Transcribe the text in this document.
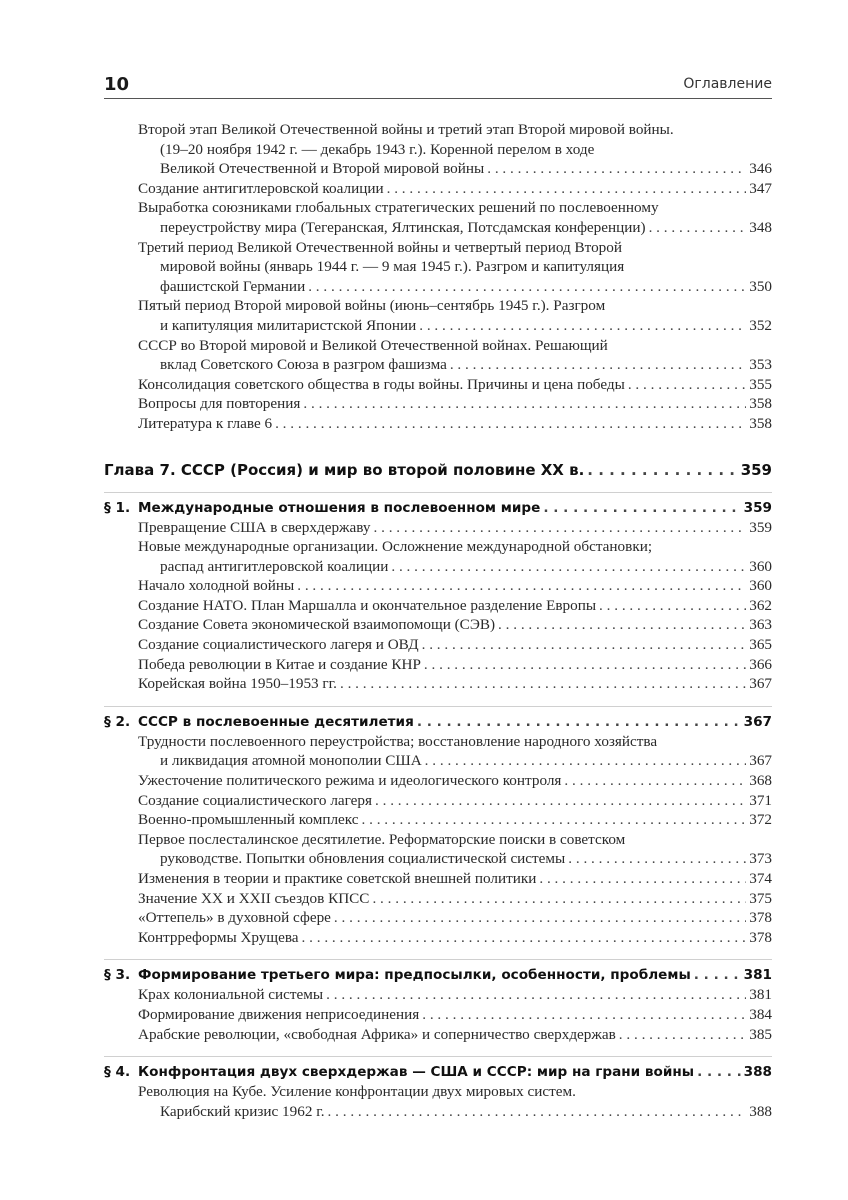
10	Оглавление
Второй этап Великой Отечественной войны и третий этап Второй мировой войны.
(19–20 ноября 1942 г. — декабрь 1943 г.). Коренной перелом в ходе
Великой Отечественной и Второй мировой войны . . .	346
Создание антигитлеровской коалиции . . .	347
Выработка союзниками глобальных стратегических решений по послевоенному
переустройству мира (Тегеранская, Ялтинская, Потсдамская конференции) . . .	348
Третий период Великой Отечественной войны и четвертый период Второй
мировой войны (январь 1944 г. — 9 мая 1945 г.). Разгром и капитуляция
фашистской Германии . . .	350
Пятый период Второй мировой войны (июнь–сентябрь 1945 г.). Разгром
и капитуляция милитаристской Японии . . .	352
СССР во Второй мировой и Великой Отечественной войнах. Решающий
вклад Советского Союза в разгром фашизма . . .	353
Консолидация советского общества в годы войны. Причины и цена победы . . .	355
Вопросы для повторения . . .	358
Литература к главе 6 . . .	358
Глава 7. СССР (Россия) и мир во второй половине XX в. . . .	359
§ 1. Международные отношения в послевоенном мире . . .	359
Превращение США в сверхдержаву . . .	359
Новые международные организации. Осложнение международной обстановки;
распад антигитлеровской коалиции . . .	360
Начало холодной войны . . .	360
Создание НАТО. План Маршалла и окончательное разделение Европы . . .	362
Создание Совета экономической взаимопомощи (СЭВ) . . .	363
Создание социалистического лагеря и ОВД . . .	365
Победа революции в Китае и создание КНР . . .	366
Корейская война 1950–1953 гг. . . .	367
§ 2. СССР в послевоенные десятилетия . . .	367
Трудности послевоенного переустройства; восстановление народного хозяйства
и ликвидация атомной монополии США . . .	367
Ужесточение политического режима и идеологического контроля . . .	368
Создание социалистического лагеря . . .	371
Военно-промышленный комплекс . . .	372
Первое послесталинское десятилетие. Реформаторские поиски в советском
руководстве. Попытки обновления социалистической системы . . .	373
Изменения в теории и практике советской внешней политики . . .	374
Значение XX и XXII съездов КПСС . . .	375
«Оттепель» в духовной сфере . . .	378
Контрреформы Хрущева . . .	378
§ 3. Формирование третьего мира: предпосылки, особенности, проблемы . . .	381
Крах колониальной системы . . .	381
Формирование движения неприсоединения . . .	384
Арабские революции, «свободная Африка» и соперничество сверхдержав . . .	385
§ 4. Конфронтация двух сверхдержав — США и СССР: мир на грани войны . . .	388
Революция на Кубе. Усиление конфронтации двух мировых систем.
Карибский кризис 1962 г. . . .	388
